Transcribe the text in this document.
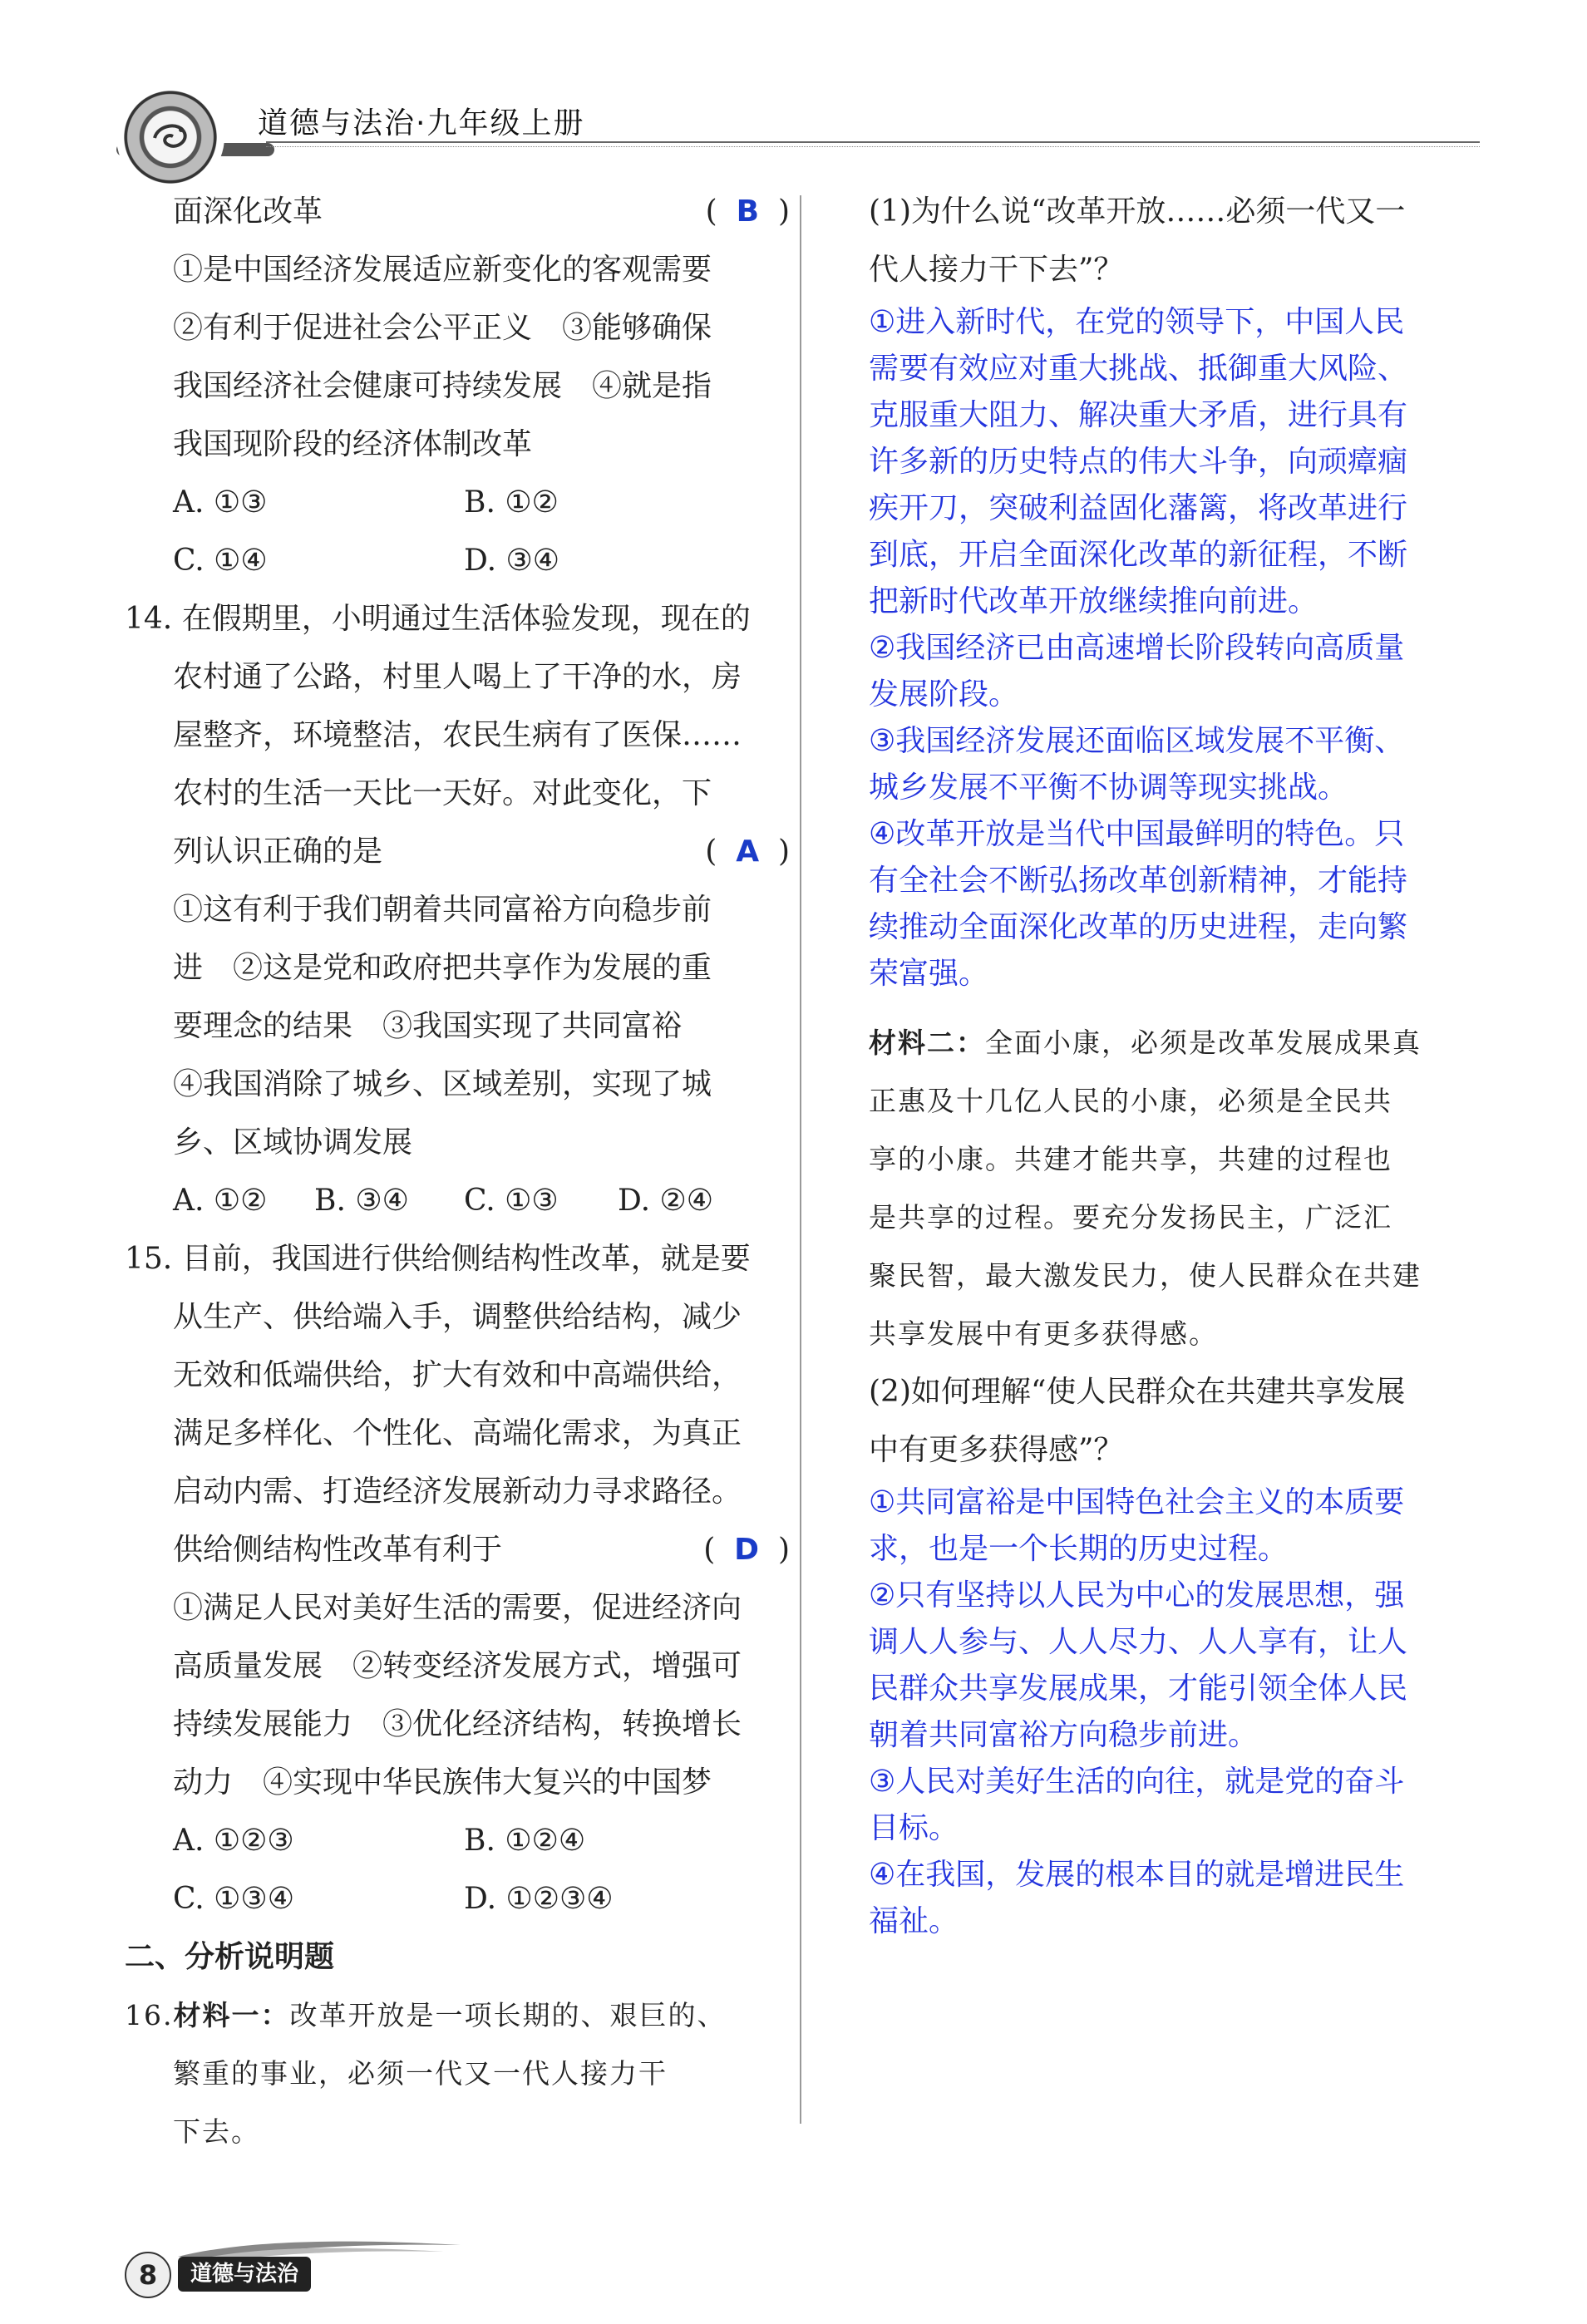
道德与法治·九年级上册
面深化改革	(  B  )
①是中国经济发展适应新变化的客观需要
②有利于促进社会公平正义　③能够确保
我国经济社会健康可持续发展　④就是指
我国现阶段的经济体制改革
A. ①③	B. ①②
C. ①④	D. ③④
14. 在假期里，小明通过生活体验发现，现在的
农村通了公路，村里人喝上了干净的水，房
屋整齐，环境整洁，农民生病有了医保……
农村的生活一天比一天好。对此变化，下
列认识正确的是	(  A  )
①这有利于我们朝着共同富裕方向稳步前
进　②这是党和政府把共享作为发展的重
要理念的结果　③我国实现了共同富裕
④我国消除了城乡、区域差别，实现了城
乡、区域协调发展
A. ①②	B. ③④	C. ①③	D. ②④
15. 目前，我国进行供给侧结构性改革，就是要
从生产、供给端入手，调整供给结构，减少
无效和低端供给，扩大有效和中高端供给，
满足多样化、个性化、高端化需求，为真正
启动内需、打造经济发展新动力寻求路径。
供给侧结构性改革有利于	(  D  )
①满足人民对美好生活的需要，促进经济向
高质量发展　②转变经济发展方式，增强可
持续发展能力　③优化经济结构，转换增长
动力　④实现中华民族伟大复兴的中国梦
A. ①②③	B. ①②④
C. ①③④	D. ①②③④
二、分析说明题
16.材料一：改革开放是一项长期的、艰巨的、
繁重的事业，必须一代又一代人接力干
下去。
(1)为什么说“改革开放……必须一代又一
代人接力干下去”？
①进入新时代，在党的领导下，中国人民
需要有效应对重大挑战、抵御重大风险、
克服重大阻力、解决重大矛盾，进行具有
许多新的历史特点的伟大斗争，向顽瘴痼
疾开刀，突破利益固化藩篱，将改革进行
到底，开启全面深化改革的新征程，不断
把新时代改革开放继续推向前进。
②我国经济已由高速增长阶段转向高质量
发展阶段。
③我国经济发展还面临区域发展不平衡、
城乡发展不平衡不协调等现实挑战。
④改革开放是当代中国最鲜明的特色。只
有全社会不断弘扬改革创新精神，才能持
续推动全面深化改革的历史进程，走向繁
荣富强。
材料二：全面小康，必须是改革发展成果真
正惠及十几亿人民的小康，必须是全民共
享的小康。共建才能共享，共建的过程也
是共享的过程。要充分发扬民主，广泛汇
聚民智，最大激发民力，使人民群众在共建
共享发展中有更多获得感。
(2)如何理解“使人民群众在共建共享发展
中有更多获得感”？
①共同富裕是中国特色社会主义的本质要
求，也是一个长期的历史过程。
②只有坚持以人民为中心的发展思想，强
调人人参与、人人尽力、人人享有，让人
民群众共享发展成果，才能引领全体人民
朝着共同富裕方向稳步前进。
③人民对美好生活的向往，就是党的奋斗
目标。
④在我国，发展的根本目的就是增进民生
福祉。
8	道德与法治
